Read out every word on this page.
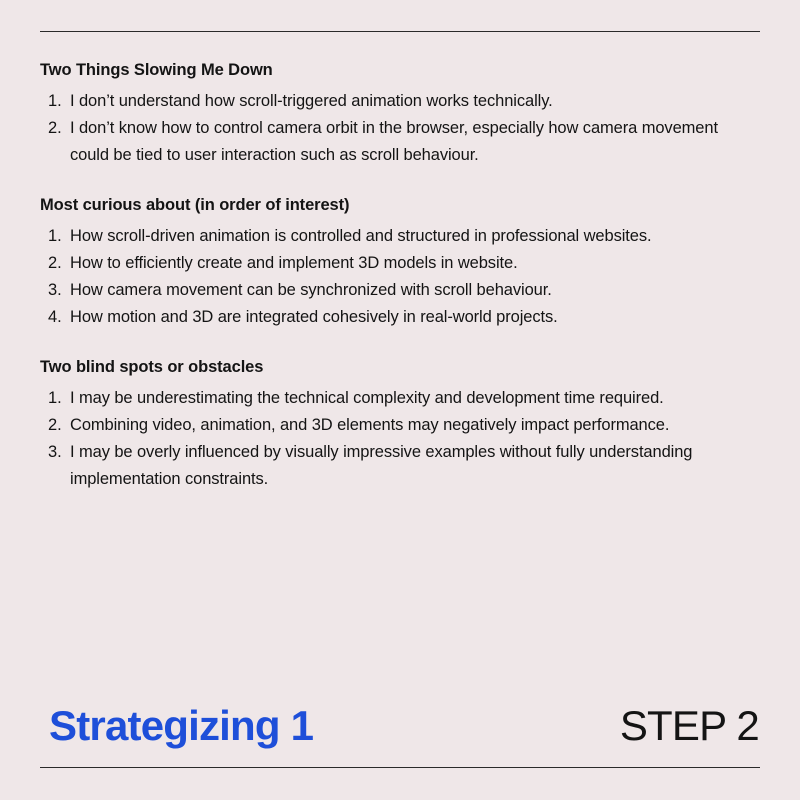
Two Things Slowing Me Down
1. I don’t understand how scroll-triggered animation works technically.
2. I don’t know how to control camera orbit in the browser, especially how camera movement could be tied to user interaction such as scroll behaviour.
Most curious about (in order of interest)
1. How scroll-driven animation is controlled and structured in professional websites.
2. How to efficiently create and implement 3D models in website.
3. How camera movement can be synchronized with scroll behaviour.
4. How motion and 3D are integrated cohesively in real-world projects.
Two blind spots or obstacles
1. I may be underestimating the technical complexity and development time required.
2. Combining video, animation, and 3D elements may negatively impact performance.
3. I may be overly influenced by visually impressive examples without fully understanding implementation constraints.
Strategizing 1	STEP 2
